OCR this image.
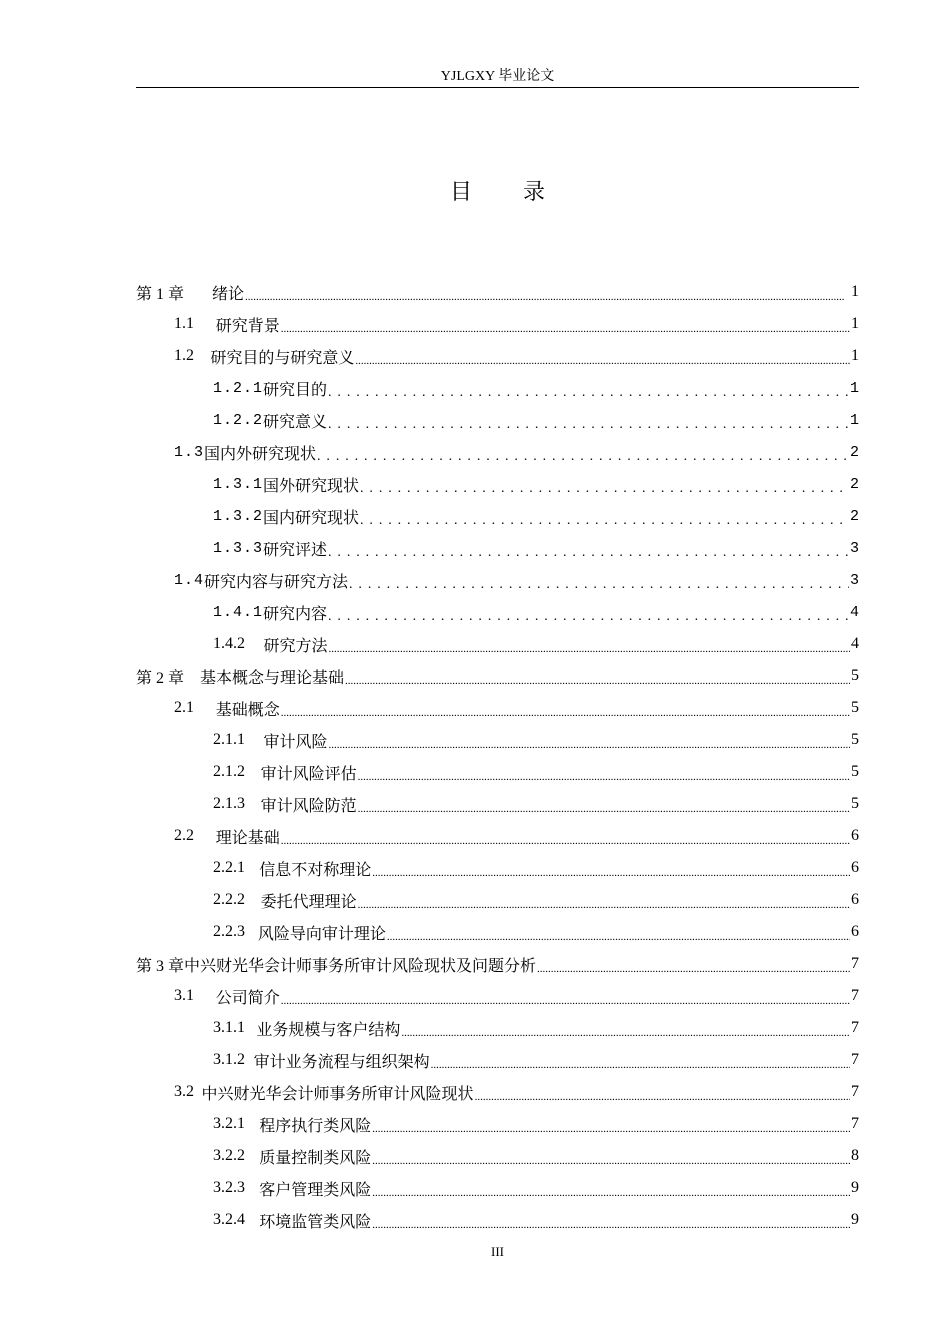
YJLGXY 毕业论文
目 录
第 1 章	绪论 .....	1
1.1	研究背景 .....	1
1.2	研究目的与研究意义 .....	1
1.2.1 研究目的 . . .	1
1.2.2 研究意义 . . .	1
1.3 国内外研究现状 . . .	2
1.3.1 国外研究现状 . . .	2
1.3.2 国内研究现状 . . .	2
1.3.3 研究评述 . . .	3
1.4 研究内容与研究方法 . . .	3
1.4.1 研究内容 . . .	4
1.4.2	研究方法 .....	4
第 2 章	基本概念与理论基础 .....	5
2.1	基础概念 .....	5
2.1.1	审计风险 .....	5
2.1.2 审计风险评估 .....	5
2.1.3 审计风险防范 .....	5
2.2	理论基础 .....	6
2.2.1 信息不对称理论 .....	6
2.2.2 委托代理理论 .....	6
2.2.3 风险导向审计理论 .....	6
第 3 章 中兴财光华会计师事务所审计风险现状及问题分析 .....	7
3.1	公司简介 .....	7
3.1.1 业务规模与客户结构 .....	7
3.1.2 审计业务流程与组织架构 .....	7
3.2 中兴财光华会计师事务所审计风险现状 .....	7
3.2.1 程序执行类风险 .....	7
3.2.2 质量控制类风险 .....	8
3.2.3 客户管理类风险 .....	9
3.2.4 环境监管类风险 .....	9
III
